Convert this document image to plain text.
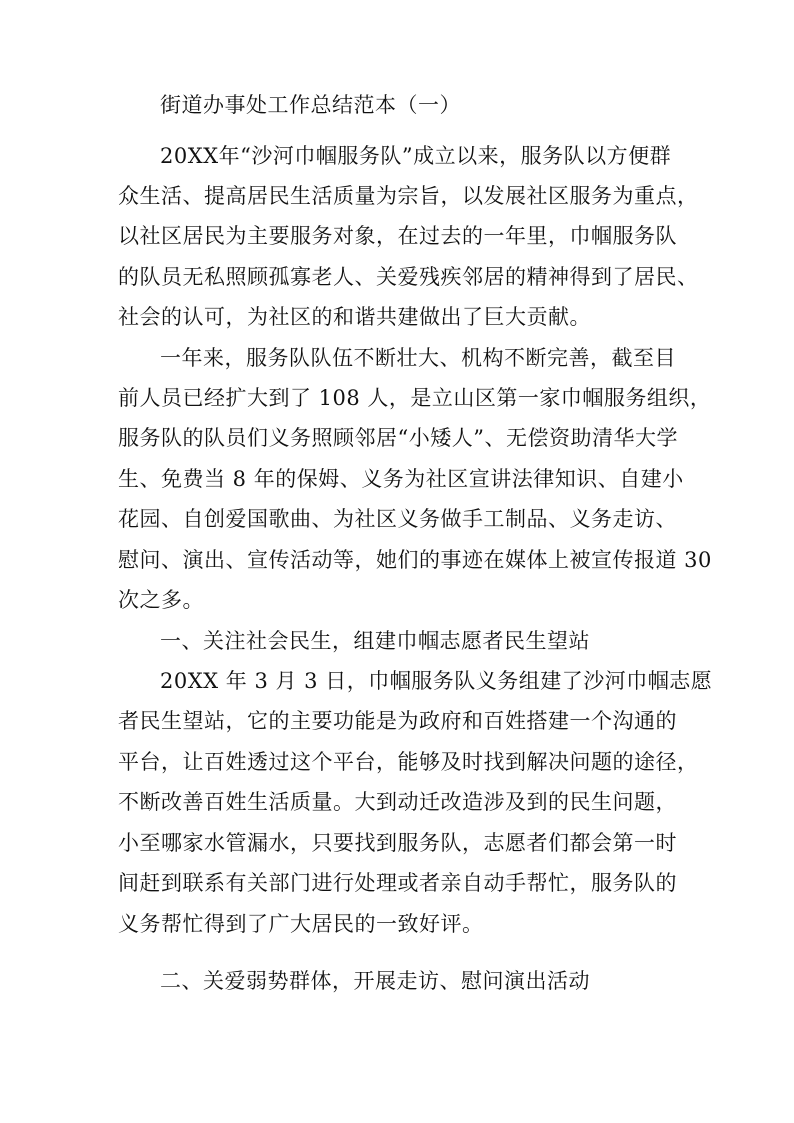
街道办事处工作总结范本（一）

20XX年“沙河巾帼服务队”成立以来，服务队以方便群

众生活、提高居民生活质量为宗旨，以发展社区服务为重点，

以社区居民为主要服务对象，在过去的一年里，巾帼服务队

的队员无私照顾孤寡老人、关爱残疾邻居的精神得到了居民、

社会的认可，为社区的和谐共建做出了巨大贡献。

一年来，服务队队伍不断壮大、机构不断完善，截至目

前人员已经扩大到了 108 人，是立山区第一家巾帼服务组织，

服务队的队员们义务照顾邻居“小矮人”、无偿资助清华大学

生、免费当 8 年的保姆、义务为社区宣讲法律知识、自建小

花园、自创爱国歌曲、为社区义务做手工制品、义务走访、

慰问、演出、宣传活动等，她们的事迹在媒体上被宣传报道 30

次之多。

一、关注社会民生，组建巾帼志愿者民生望站

20XX 年 3 月 3 日，巾帼服务队义务组建了沙河巾帼志愿

者民生望站，它的主要功能是为政府和百姓搭建一个沟通的

平台，让百姓透过这个平台，能够及时找到解决问题的途径，

不断改善百姓生活质量。大到动迁改造涉及到的民生问题，

小至哪家水管漏水，只要找到服务队，志愿者们都会第一时

间赶到联系有关部门进行处理或者亲自动手帮忙，服务队的

义务帮忙得到了广大居民的一致好评。

二、关爱弱势群体，开展走访、慰问演出活动
